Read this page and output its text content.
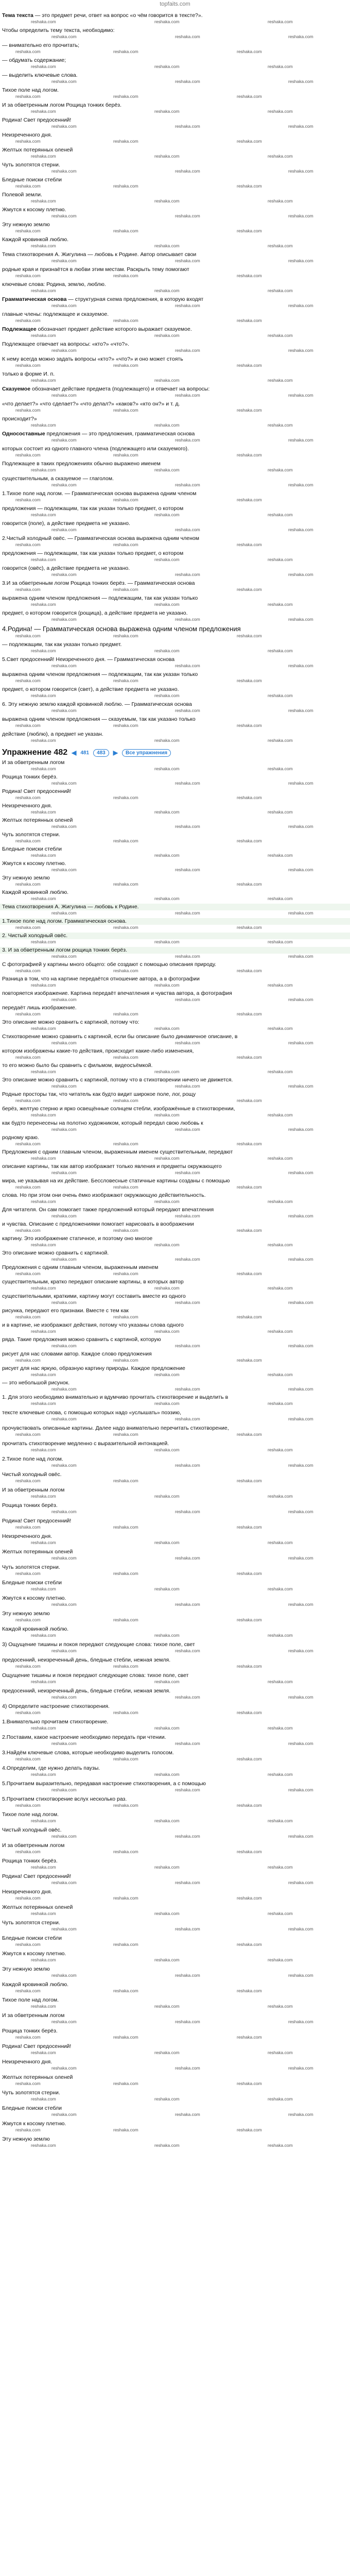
topfaits.com
Тема текста — это предмет речи, ответ на вопрос «о чём говорится в тексте?».
reshaka.com	reshaka.com	reshaka.com
Чтобы определить тему текста, необходимо:
reshaka.com	reshaka.com	reshaka.com
— внимательно его прочитать;
reshaka.com	reshaka.com	reshaka.com
— обдумать содержание;
reshaka.com	reshaka.com	reshaka.com
— выделить ключевые слова.
reshaka.com	reshaka.com	reshaka.com
Тихое поле над логом.
reshaka.com	reshaka.com	reshaka.com
И за обветренным логом Рощица тонких берёз.
reshaka.com	reshaka.com	reshaka.com
Родина! Свет предосенний!
reshaka.com	reshaka.com	reshaka.com
Неизреченного дня.
reshaka.com	reshaka.com	reshaka.com
Желтых потерянных оленей
reshaka.com	reshaka.com	reshaka.com
Чуть золотятся стерни.
reshaka.com	reshaka.com	reshaka.com
Бледные поиски стебли
reshaka.com	reshaka.com	reshaka.com
Полевой земли.
reshaka.com	reshaka.com	reshaka.com
Жмутся к косому плетню.
reshaka.com	reshaka.com	reshaka.com
Эту нежную землю
reshaka.com	reshaka.com	reshaka.com
Каждой кровинкой люблю.
reshaka.com	reshaka.com	reshaka.com
Тема стихотворения А. Жигулина — любовь к Родине. Автор описывает свои
reshaka.com	reshaka.com	reshaka.com
родные края и признаётся в любви этим местам. Раскрыть тему помогают
reshaka.com	reshaka.com	reshaka.com
ключевые слова: Родина, землю, люблю.
reshaka.com	reshaka.com	reshaka.com
Грамматическая основа — структурная схема предложения, в которую входят
reshaka.com	reshaka.com	reshaka.com
главные члены: подлежащее и сказуемое.
reshaka.com	reshaka.com	reshaka.com
Подлежащее обозначает предмет действие которого выражает сказуемое.
reshaka.com	reshaka.com	reshaka.com
Подлежащее отвечает на вопросы: «кто?» «что?».
reshaka.com	reshaka.com	reshaka.com
К нему всегда можно задать вопросы «кто?» «что?» и оно может стоять
reshaka.com	reshaka.com	reshaka.com
только в форме И. п.
reshaka.com	reshaka.com	reshaka.com
Сказуемое обозначает действие предмета (подлежащего) и отвечает на вопросы:
reshaka.com	reshaka.com	reshaka.com
«что делает?» «что сделает?» «что делал?» «каков?» «кто он?» и т. д.
reshaka.com	reshaka.com	reshaka.com
происходит?»
reshaka.com	reshaka.com	reshaka.com
Односоставные предложения — это предложения, грамматическая основа
reshaka.com	reshaka.com	reshaka.com
которых состоит из одного главного члена (подлежащего или сказуемого).
reshaka.com	reshaka.com	reshaka.com
Подлежащее в таких предложениях обычно выражено именем
reshaka.com	reshaka.com	reshaka.com
существительным, а сказуемое — глаголом.
reshaka.com	reshaka.com	reshaka.com
1.Тихое поле над логом. — Грамматическая основа выражена одним членом
reshaka.com	reshaka.com	reshaka.com
предложения — подлежащим, так как указан только предмет, о котором
reshaka.com	reshaka.com	reshaka.com
говорится (поле), а действие предмета не указано.
reshaka.com	reshaka.com	reshaka.com
2.Чистый холодный овёс. — Грамматическая основа выражена одним членом
reshaka.com	reshaka.com	reshaka.com
предложения — подлежащим, так как указан только предмет, о котором
reshaka.com	reshaka.com	reshaka.com
говорится (овёс), а действие предмета не указано.
reshaka.com	reshaka.com	reshaka.com
3.И за обветренным логом Рощица тонких берёз. — Грамматическая основа
reshaka.com	reshaka.com	reshaka.com
выражена одним членом предложения — подлежащим, так как указан только
reshaka.com	reshaka.com	reshaka.com
предмет, о котором говорится (рощица), а действие предмета не указано.
reshaka.com	reshaka.com	reshaka.com
4.Родина! — Грамматическая основа выражена одним членом предложения
reshaka.com	reshaka.com	reshaka.com
— подлежащим, так как указан только предмет.
reshaka.com	reshaka.com	reshaka.com
5.Свет предосенний! Неизреченного дня. — Грамматическая основа
reshaka.com	reshaka.com	reshaka.com
выражена одним членом предложения — подлежащим, так как указан только
reshaka.com	reshaka.com	reshaka.com
предмет, о котором говорится (свет), а действие предмета не указано.
reshaka.com	reshaka.com	reshaka.com
6. Эту нежную землю каждой кровинкой люблю. — Грамматическая основа
reshaka.com	reshaka.com	reshaka.com
выражена одним членом предложения — сказуемым, так как указано только
reshaka.com	reshaka.com	reshaka.com
действие (люблю), а предмет не указан.
reshaka.com	reshaka.com	reshaka.com
Упражнение 482 ◀ 481	483	▶	Все упражнения
И за обветренным логом
reshaka.com	reshaka.com	reshaka.com
Рощица тонких берёз.
reshaka.com	reshaka.com	reshaka.com
Родина! Свет предосенний!
reshaka.com	reshaka.com	reshaka.com
Неизреченного дня.
reshaka.com	reshaka.com	reshaka.com
Желтых потерянных оленей
reshaka.com	reshaka.com	reshaka.com
Чуть золотятся стерни.
reshaka.com	reshaka.com	reshaka.com
Бледные поиски стебли
reshaka.com	reshaka.com	reshaka.com
Жмутся к косому плетню.
reshaka.com	reshaka.com	reshaka.com
Эту нежную землю
reshaka.com	reshaka.com	reshaka.com
Каждой кровинкой люблю.
reshaka.com	reshaka.com	reshaka.com
Тема стихотворения А. Жигулина — любовь к Родине.
reshaka.com	reshaka.com	reshaka.com
1.Тихое поле над логом. Грамматическая основа.
reshaka.com	reshaka.com	reshaka.com
2. Чистый холодный овёс.
reshaka.com	reshaka.com	reshaka.com
3. И за обветренным логом рощица тонких берёз.
reshaka.com	reshaka.com	reshaka.com
С фотографией у картины много общего: обе создают с помощью описания природу.
reshaka.com	reshaka.com	reshaka.com
Разница в том, что на картине передаётся отношение автора, а в фотографии
reshaka.com	reshaka.com	reshaka.com
повторяется изображение. Картина передаёт впечатления и чувства автора, а фотография
reshaka.com	reshaka.com	reshaka.com
передаёт лишь изображение.
reshaka.com	reshaka.com	reshaka.com
Это описание можно сравнить с картиной, потому что:
reshaka.com	reshaka.com	reshaka.com
Стихотворение можно сравнить с картиной, если бы описание было динамичное описание, в
reshaka.com	reshaka.com	reshaka.com
котором изображены какие-то действия, происходит какие-либо изменения,
reshaka.com	reshaka.com	reshaka.com
то его можно было бы сравнить с фильмом, видеосъёмкой.
reshaka.com	reshaka.com	reshaka.com
Это описание можно сравнить с картиной, потому что в стихотворении ничего не движется.
reshaka.com	reshaka.com	reshaka.com
Родные просторы так, что читатель как будто видит широкое поле, лог, рощу
reshaka.com	reshaka.com	reshaka.com
берёз, желтую стерню и ярко освещённые солнцем стебли, изображённые в стихотворении,
reshaka.com	reshaka.com	reshaka.com
как будто перенесены на полотно художником, который передал свою любовь к
reshaka.com	reshaka.com	reshaka.com
родному краю.
reshaka.com	reshaka.com	reshaka.com
Предложения с одним главным членом, выраженным именем существительным, передают
reshaka.com	reshaka.com	reshaka.com
описание картины, так как автор изображает только явления и предметы окружающего
reshaka.com	reshaka.com	reshaka.com
мира, не указывая на их действие. Бессловесные статичные картины созданы с помощью
reshaka.com	reshaka.com	reshaka.com
слова. Но при этом они очень ёмко изображают окружающую действительность.
reshaka.com	reshaka.com	reshaka.com
Для читателя. Он сам помогает также предложений который передают впечатления
reshaka.com	reshaka.com	reshaka.com
и чувства. Описание с предложениями помогает нарисовать в воображении
reshaka.com	reshaka.com	reshaka.com
картину. Это изображение статичное, и поэтому оно многое
reshaka.com	reshaka.com	reshaka.com
Это описание можно сравнить с картиной.
reshaka.com	reshaka.com	reshaka.com
Предложения с одним главным членом, выраженным именем
reshaka.com	reshaka.com	reshaka.com
существительным, кратко передают описание картины, в которых автор
reshaka.com	reshaka.com	reshaka.com
существительными, краткими, картину могут составить вместе из одного
reshaka.com	reshaka.com	reshaka.com
рисунка, передают его признаки. Вместе с тем как
reshaka.com	reshaka.com	reshaka.com
и в картине, не изображают действия, потому что указаны слова одного
reshaka.com	reshaka.com	reshaka.com
ряда. Такие предложения можно сравнить с картиной, которую
reshaka.com	reshaka.com	reshaka.com
рисует для нас словами автор. Каждое слово предложения
reshaka.com	reshaka.com	reshaka.com
рисует для нас яркую, образную картину природы. Каждое предложение
reshaka.com	reshaka.com	reshaka.com
— это небольшой рисунок.
reshaka.com	reshaka.com	reshaka.com
1. Для этого необходимо внимательно и вдумчиво прочитать стихотворение и выделить в
reshaka.com	reshaka.com	reshaka.com
тексте ключевые слова, с помощью которых надо «услышать» поэзию,
reshaka.com	reshaka.com	reshaka.com
прочувствовать описанные картины. Далее надо внимательно перечитать стихотворение,
reshaka.com	reshaka.com	reshaka.com
прочитать стихотворение медленно с выразительной интонацией.
reshaka.com	reshaka.com	reshaka.com
2.Тихое поле над логом.
reshaka.com	reshaka.com	reshaka.com
Чистый холодный овёс.
reshaka.com	reshaka.com	reshaka.com
И за обветренным логом
reshaka.com	reshaka.com	reshaka.com
Рощица тонких берёз.
reshaka.com	reshaka.com	reshaka.com
Родина! Свет предосенний!
reshaka.com	reshaka.com	reshaka.com
Неизреченного дня.
reshaka.com	reshaka.com	reshaka.com
Желтых потерянных оленей
reshaka.com	reshaka.com	reshaka.com
Чуть золотятся стерни.
reshaka.com	reshaka.com	reshaka.com
Бледные поиски стебли
reshaka.com	reshaka.com	reshaka.com
Жмутся к косому плетню.
reshaka.com	reshaka.com	reshaka.com
Эту нежную землю
reshaka.com	reshaka.com	reshaka.com
Каждой кровинкой люблю.
reshaka.com	reshaka.com	reshaka.com
3) Ощущение тишины и покоя передают следующие слова: тихое поле, свет
reshaka.com	reshaka.com	reshaka.com
предосенний, неизреченный день, бледные стебли, нежная земля.
reshaka.com	reshaka.com	reshaka.com
Ощущение тишины и покоя передают следующие слова: тихое поле, свет
reshaka.com	reshaka.com	reshaka.com
предосенний, неизреченный день, бледные стебли, нежная земля.
reshaka.com	reshaka.com	reshaka.com
4) Определите настроение стихотворения.
reshaka.com	reshaka.com	reshaka.com
1.Внимательно прочитаем стихотворение.
reshaka.com	reshaka.com	reshaka.com
2.Поставим, какое настроение необходимо передать при чтении.
reshaka.com	reshaka.com	reshaka.com
3.Найдём ключевые слова, которые необходимо выделить голосом.
reshaka.com	reshaka.com	reshaka.com
4.Определим, где нужно делать паузы.
reshaka.com	reshaka.com	reshaka.com
5.Прочитаем выразительно, передавая настроение стихотворения, а с помощью
reshaka.com	reshaka.com	reshaka.com
5.Прочитаем стихотворение вслух несколько раз.
reshaka.com	reshaka.com	reshaka.com
Тихое поле над логом.
reshaka.com	reshaka.com	reshaka.com
Чистый холодный овёс.
reshaka.com	reshaka.com	reshaka.com
И за обветренным логом
reshaka.com	reshaka.com	reshaka.com
Рощица тонких берёз.
reshaka.com	reshaka.com	reshaka.com
Родина! Свет предосенний!
reshaka.com	reshaka.com	reshaka.com
Неизреченного дня.
reshaka.com	reshaka.com	reshaka.com
Желтых потерянных оленей
reshaka.com	reshaka.com	reshaka.com
Чуть золотятся стерни.
reshaka.com	reshaka.com	reshaka.com
Бледные поиски стебли
reshaka.com	reshaka.com	reshaka.com
Жмутся к косому плетню.
reshaka.com	reshaka.com	reshaka.com
Эту нежную землю
reshaka.com	reshaka.com	reshaka.com
Каждой кровинкой люблю.
reshaka.com	reshaka.com	reshaka.com
Тихое поле над логом.
reshaka.com	reshaka.com	reshaka.com
И за обветренным логом
reshaka.com	reshaka.com	reshaka.com
Рощица тонких берёз.
reshaka.com	reshaka.com	reshaka.com
Родина! Свет предосенний!
reshaka.com	reshaka.com	reshaka.com
Неизреченного дня.
reshaka.com	reshaka.com	reshaka.com
Желтых потерянных оленей
reshaka.com	reshaka.com	reshaka.com
Чуть золотятся стерни.
reshaka.com	reshaka.com	reshaka.com
Бледные поиски стебли
reshaka.com	reshaka.com	reshaka.com
Жмутся к косому плетню.
reshaka.com	reshaka.com	reshaka.com
Эту нежную землю
reshaka.com	reshaka.com	reshaka.com
